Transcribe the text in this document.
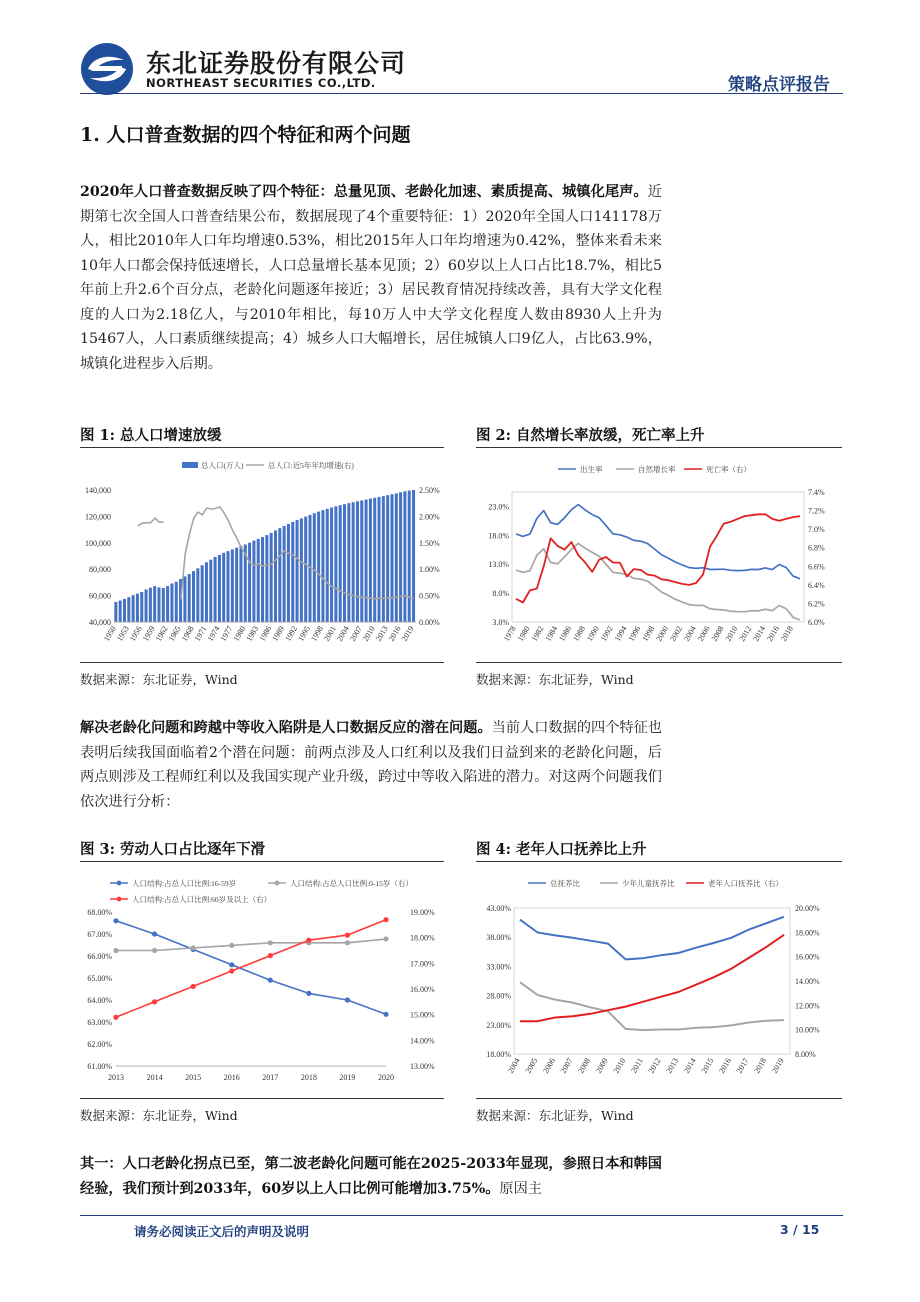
东北证券股份有限公司
NORTHEAST SECURITIES CO.,LTD.	策略点评报告
1. 人口普查数据的四个特征和两个问题
2020年人口普查数据反映了四个特征：总量见顶、老龄化加速、素质提高、城镇化尾声。近期第七次全国人口普查结果公布，数据展现了4个重要特征：1）2020年全国人口141178万人，相比2010年人口年均增速0.53%，相比2015年人口年均增速为0.42%，整体来看未来10年人口都会保持低速增长，人口总量增长基本见顶；2）60岁以上人口占比18.7%，相比5年前上升2.6个百分点，老龄化问题逐年接近；3）居民教育情况持续改善，具有大学文化程度的人口为2.18亿人，与2010年相比，每10万人中大学文化程度人数由8930人上升为15467人，人口素质继续提高；4）城乡人口大幅增长，居住城镇人口9亿人，占比63.9%，城镇化进程步入后期。
图 1: 总人口增速放缓
总人口(万人)	总人口:近5年年均增速(右)
40,000
60,000
80,000
100,000
120,000
140,000
0.00%
0.50%
1.00%
1.50%
2.00%
2.50%
1950
1953
1956
1959
1962
1965
1968
1971
1974
1977
1980
1983
1986
1989
1992
1995
1998
2001
2004
2007
2010
2013
2016
2019
数据来源：东北证券，Wind
图 2: 自然增长率放缓，死亡率上升
出生率	自然增长率	死亡率（右）
3.0%
8.0%
13.0%
18.0%
23.0%
6.0%
6.2%
6.4%
6.6%
6.8%
7.0%
7.2%
7.4%
1978
1980
1982
1984
1986
1988
1990
1992
1994
1996
1998
2000
2002
2004
2006
2008
2010
2012
2014
2016
2018
数据来源：东北证券，Wind
解决老龄化问题和跨越中等收入陷阱是人口数据反应的潜在问题。当前人口数据的四个特征也表明后续我国面临着2个潜在问题：前两点涉及人口红利以及我们日益到来的老龄化问题，后两点则涉及工程师红利以及我国实现产业升级，跨过中等收入陷进的潜力。对这两个问题我们依次进行分析：
图 3: 劳动人口占比逐年下滑
人口结构:占总人口比例:16-59岁	人口结构:占总人口比例:0-15岁（右）
人口结构:占总人口比例:60岁及以上（右）
61.00%
62.00%
63.00%
64.00%
65.00%
66.00%
67.00%
68.00%
13.00%
14.00%
15.00%
16.00%
17.00%
18.00%
19.00%
2013	2014	2015	2016	2017	2018	2019	2020
数据来源：东北证券，Wind
图 4: 老年人口抚养比上升
总抚养比	少年儿童抚养比	老年人口抚养比（右）
18.00%
23.00%
28.00%
33.00%
38.00%
43.00%
8.00%
10.00%
12.00%
14.00%
16.00%
18.00%
20.00%
2004 2005 2006 2007 2008 2009 2010 2011 2012 2013 2014 2015 2016 2017 2018 2019
数据来源：东北证券，Wind
其一：人口老龄化拐点已至，第二波老龄化问题可能在2025-2033年显现，参照日本和韩国经验，我们预计到2033年，60岁以上人口比例可能增加3.75%。原因主
请务必阅读正文后的声明及说明	3 / 15
